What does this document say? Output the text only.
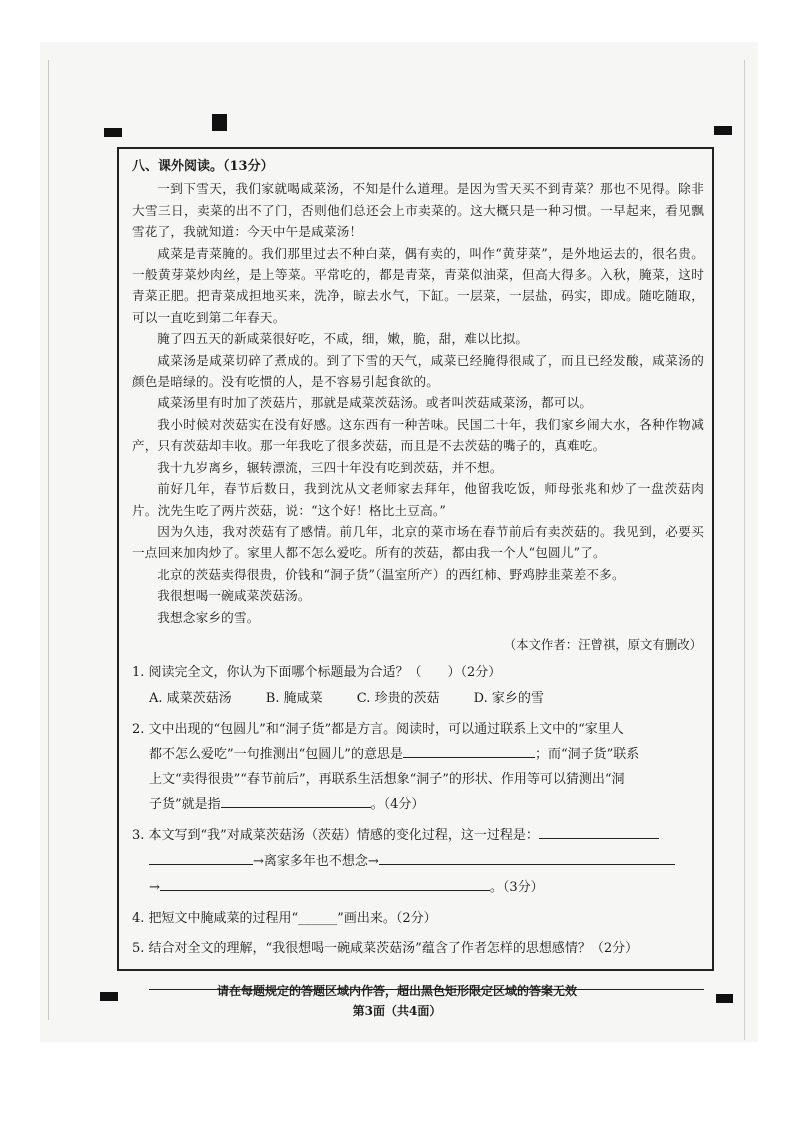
八、课外阅读。（13分）

一到下雪天，我们家就喝咸菜汤，不知是什么道理。是因为雪天买不到青菜？那也不见得。除非大雪三日，卖菜的出不了门，否则他们总还会上市卖菜的。这大概只是一种习惯。一早起来，看见飘雪花了，我就知道：今天中午是咸菜汤！

咸菜是青菜腌的。我们那里过去不种白菜，偶有卖的，叫作“黄芽菜”，是外地运去的，很名贵。一般黄芽菜炒肉丝，是上等菜。平常吃的，都是青菜，青菜似油菜，但高大得多。入秋，腌菜，这时青菜正肥。把青菜成担地买来，洗净，晾去水气，下缸。一层菜，一层盐，码实，即成。随吃随取，可以一直吃到第二年春天。

腌了四五天的新咸菜很好吃，不咸，细，嫩，脆，甜，难以比拟。

咸菜汤是咸菜切碎了煮成的。到了下雪的天气，咸菜已经腌得很咸了，而且已经发酸，咸菜汤的颜色是暗绿的。没有吃惯的人，是不容易引起食欲的。

咸菜汤里有时加了茨菇片，那就是咸菜茨菇汤。或者叫茨菇咸菜汤，都可以。

我小时候对茨菇实在没有好感。这东西有一种苦味。民国二十年，我们家乡闹大水，各种作物减产，只有茨菇却丰收。那一年我吃了很多茨菇，而且是不去茨菇的嘴子的，真难吃。

我十九岁离乡，辗转漂流，三四十年没有吃到茨菇，并不想。

前好几年，春节后数日，我到沈从文老师家去拜年，他留我吃饭，师母张兆和炒了一盘茨菇肉片。沈先生吃了两片茨菇，说：“这个好！格比土豆高。”

因为久违，我对茨菇有了感情。前几年，北京的菜市场在春节前后有卖茨菇的。我见到，必要买一点回来加肉炒了。家里人都不怎么爱吃。所有的茨菇，都由我一个人“包圆儿”了。

北京的茨菇卖得很贵，价钱和“洞子货”（温室所产）的西红柿、野鸡脖韭菜差不多。

我很想喝一碗咸菜茨菇汤。

我想念家乡的雪。

（本文作者：汪曾祺，原文有删改）
1. 阅读完全文，你认为下面哪个标题最为合适？（　　）（2分）
A. 咸菜茨菇汤	B. 腌咸菜	C. 珍贵的茨菇	D. 家乡的雪
2. 文中出现的“包圆儿”和“洞子货”都是方言。阅读时，可以通过联系上文中的“家里人
都不怎么爱吃”一句推测出“包圆儿”的意思是	；而“洞子货”联系
上文“卖得很贵”“春节前后”，再联系生活想象“洞子”的形状、作用等可以猜测出“洞
子货”就是指	。（4分）
3. 本文写到“我”对咸菜茨菇汤（茨菇）情感的变化过程，这一过程是：
→离家多年也不想念→
→	。（3分）
4. 把短文中腌咸菜的过程用“______”画出来。（2分）
5. 结合对全文的理解，“我很想喝一碗咸菜茨菇汤”蕴含了作者怎样的思想感情？（2分）
请在每题规定的答题区域内作答，超出黑色矩形限定区域的答案无效
第3面（共4面）
